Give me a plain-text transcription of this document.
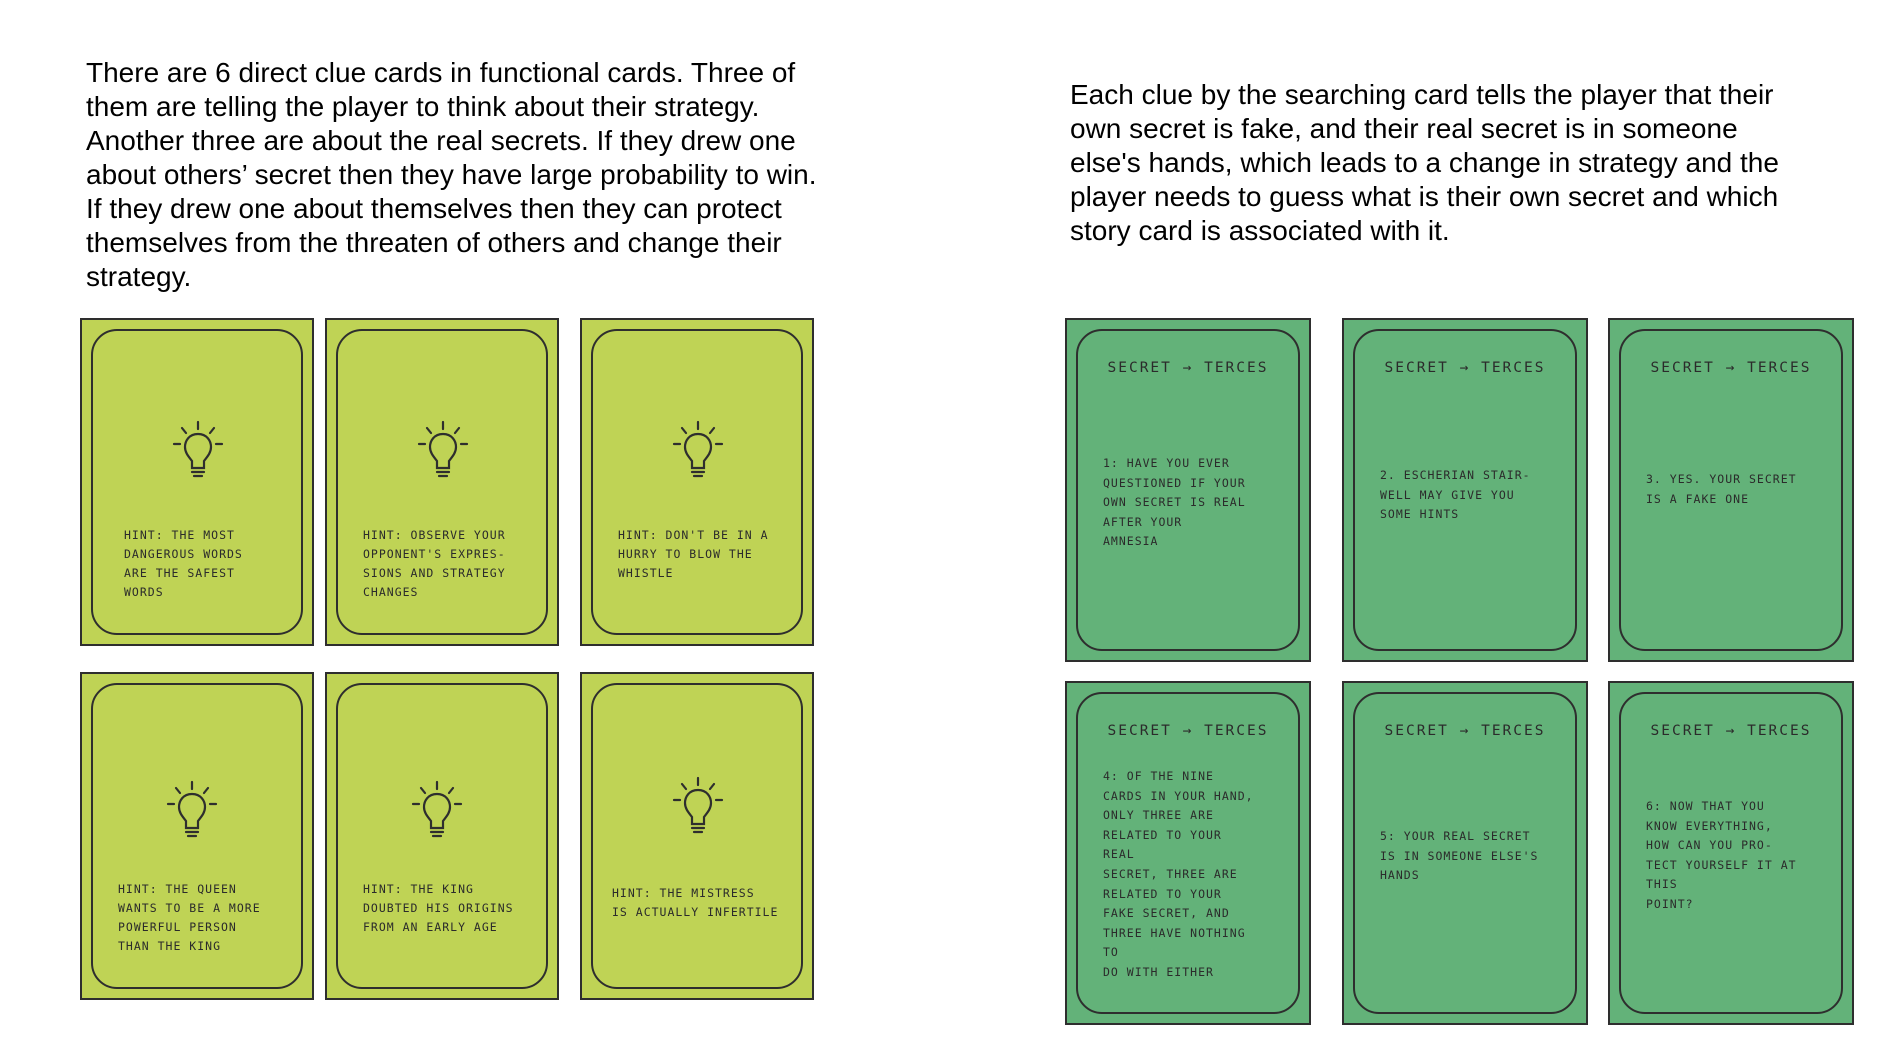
There are 6 direct clue cards in functional cards. Three of
them are telling the player to think about their strategy.
Another three are about the real secrets. If they drew one
about others’ secret then they have large probability to win.
If they drew one about themselves then they can protect
themselves from the threaten of others and change their
strategy.

Each clue by the searching card tells the player that their
own secret is fake, and their real secret is in someone
else's hands, which leads to a change in strategy and the
player needs to guess what is their own secret and which
story card is associated with it.

HINT: THE MOST
DANGEROUS WORDS
ARE THE SAFEST
WORDS

HINT: OBSERVE YOUR
OPPONENT'S EXPRES-
SIONS AND STRATEGY
CHANGES

HINT: DON'T BE IN A
HURRY TO BLOW THE
WHISTLE

HINT: THE QUEEN
WANTS TO BE A MORE
POWERFUL PERSON
THAN THE KING

HINT: THE KING
DOUBTED HIS ORIGINS
FROM AN EARLY AGE

HINT: THE MISTRESS
IS ACTUALLY INFERTILE

SECRET → TERCES

1: HAVE YOU EVER
QUESTIONED IF YOUR
OWN SECRET IS REAL
AFTER YOUR
AMNESIA

SECRET → TERCES

2. ESCHERIAN STAIR-
WELL MAY GIVE YOU
SOME HINTS

SECRET → TERCES

3. YES. YOUR SECRET
IS A FAKE ONE

SECRET → TERCES

4: OF THE NINE
CARDS IN YOUR HAND,
ONLY THREE ARE
RELATED TO YOUR
REAL
SECRET, THREE ARE
RELATED TO YOUR
FAKE SECRET, AND
THREE HAVE NOTHING
TO
DO WITH EITHER

SECRET → TERCES

5: YOUR REAL SECRET
IS IN SOMEONE ELSE'S
HANDS

SECRET → TERCES

6: NOW THAT YOU
KNOW EVERYTHING,
HOW CAN YOU PRO-
TECT YOURSELF IT AT
THIS
POINT?
